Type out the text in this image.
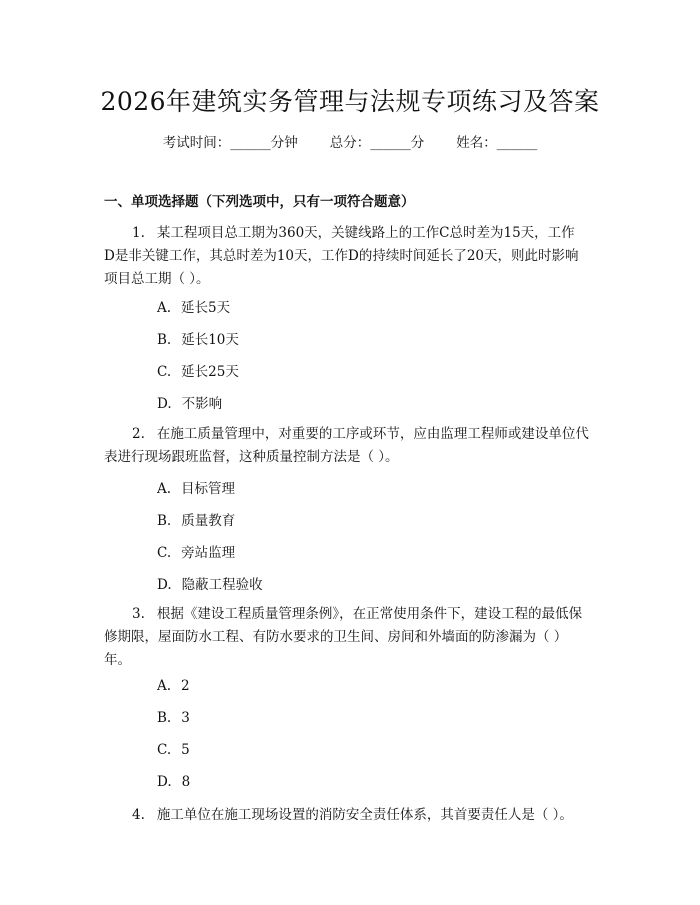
2026年建筑实务管理与法规专项练习及答案
考试时间：______分钟 总分：______分 姓名：______
一、单项选择题（下列选项中，只有一项符合题意）
1. 某工程项目总工期为360天，关键线路上的工作C总时差为15天，工作
D是非关键工作，其总时差为10天，工作D的持续时间延长了20天，则此时影响
项目总工期（ ）。
A. 延长5天
B. 延长10天
C. 延长25天
D. 不影响
2. 在施工质量管理中，对重要的工序或环节，应由监理工程师或建设单位代
表进行现场跟班监督，这种质量控制方法是（ ）。
A. 目标管理
B. 质量教育
C. 旁站监理
D. 隐蔽工程验收
3. 根据《建设工程质量管理条例》，在正常使用条件下，建设工程的最低保
修期限，屋面防水工程、有防水要求的卫生间、房间和外墙面的防渗漏为（ ）
年。
A. 2
B. 3
C. 5
D. 8
4. 施工单位在施工现场设置的消防安全责任体系，其首要责任人是（ ）。
